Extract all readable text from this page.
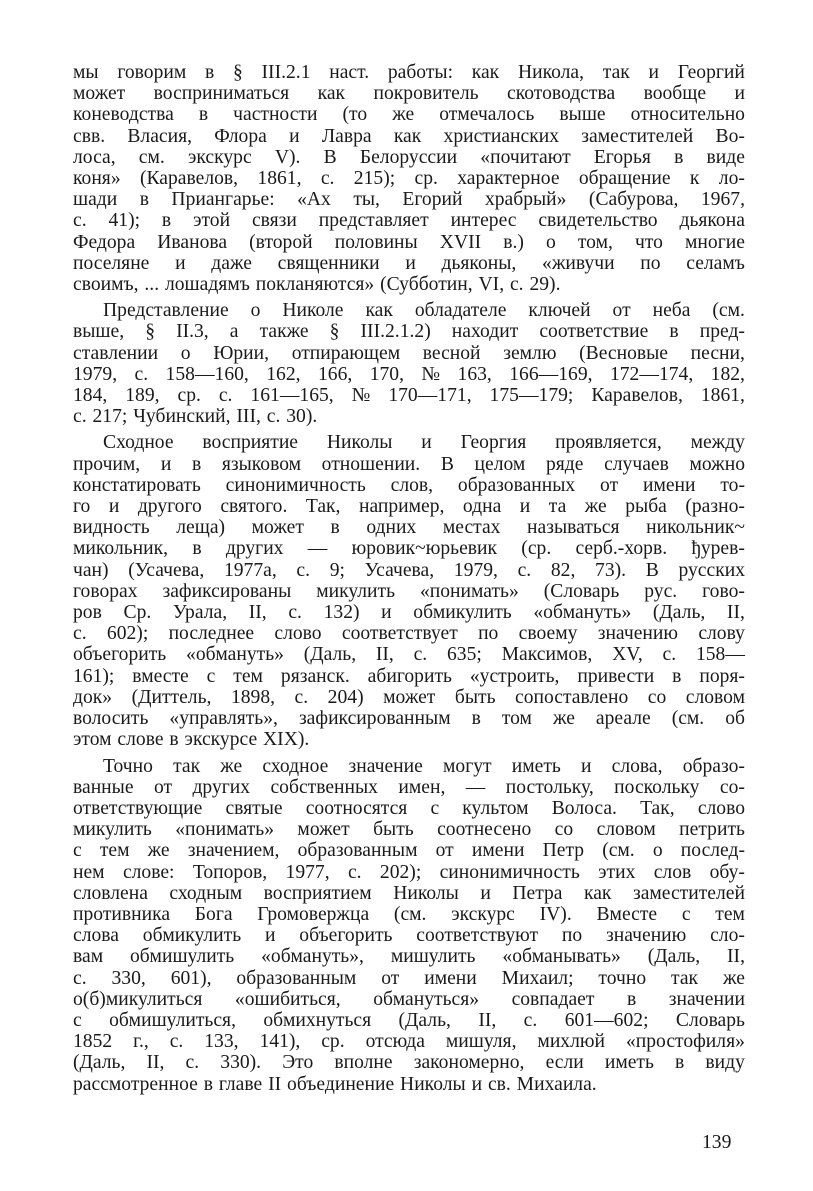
мы говорим в § III.2.1 наст. работы: как Никола, так и Георгий
может восприниматься как покровитель скотоводства вообще и
коневодства в частности (то же отмечалось выше относительно
свв. Власия, Флора и Лавра как христианских заместителей Во-
лоса, см. экскурс V). В Белоруссии «почитают Егорья в виде
коня» (Каравелов, 1861, с. 215); ср. характерное обращение к ло-
шади в Приангарье: «Ах ты, Егорий храбрый» (Сабурова, 1967,
с. 41); в этой связи представляет интерес свидетельство дьякона
Федора Иванова (второй половины XVII в.) о том, что многие
поселяне и даже священники и дьяконы, «живучи по селамъ
своимъ, ... лошадямъ покланяются» (Субботин, VI, с. 29).
Представление о Николе как обладателе ключей от неба (см.
выше, § II.3, а также § III.2.1.2) находит соответствие в пред-
ставлении о Юрии, отпирающем весной землю (Весновые песни,
1979, с. 158—160, 162, 166, 170, № 163, 166—169, 172—174, 182,
184, 189, ср. с. 161—165, № 170—171, 175—179; Каравелов, 1861,
с. 217; Чубинский, III, с. 30).
Сходное восприятие Николы и Георгия проявляется, между
прочим, и в языковом отношении. В целом ряде случаев можно
констатировать синонимичность слов, образованных от имени то-
го и другого святого. Так, например, одна и та же рыба (разно-
видность леща) может в одних местах называться никольник~
микольник, в других — юровик~юрьевик (ср. серб.-хорв. ђурев-
чан) (Усачева, 1977а, с. 9; Усачева, 1979, с. 82, 73). В русских
говорах зафиксированы микулить «понимать» (Словарь рус. гово-
ров Ср. Урала, II, с. 132) и обмикулить «обмануть» (Даль, II,
с. 602); последнее слово соответствует по своему значению слову
объегорить «обмануть» (Даль, II, с. 635; Максимов, XV, с. 158—
161); вместе с тем рязанск. абигорить «устроить, привести в поря-
док» (Диттель, 1898, с. 204) может быть сопоставлено со словом
волосить «управлять», зафиксированным в том же ареале (см. об
этом слове в экскурсе XIX).
Точно так же сходное значение могут иметь и слова, образо-
ванные от других собственных имен, — постольку, поскольку со-
ответствующие святые соотносятся с культом Волоса. Так, слово
микулить «понимать» может быть соотнесено со словом петрить
с тем же значением, образованным от имени Петр (см. о послед-
нем слове: Топоров, 1977, с. 202); синонимичность этих слов обу-
словлена сходным восприятием Николы и Петра как заместителей
противника Бога Громовержца (см. экскурс IV). Вместе с тем
слова обмикулить и объегорить соответствуют по значению сло-
вам обмишулить «обмануть», мишулить «обманывать» (Даль, II,
с. 330, 601), образованным от имени Михаил; точно так же
о(б)микулиться «ошибиться, обмануться» совпадает в значении
с обмишулиться, обмихнуться (Даль, II, с. 601—602; Словарь
1852 г., с. 133, 141), ср. отсюда мишуля, михлюй «простофиля»
(Даль, II, с. 330). Это вполне закономерно, если иметь в виду
рассмотренное в главе II объединение Николы и св. Михаила.
139
